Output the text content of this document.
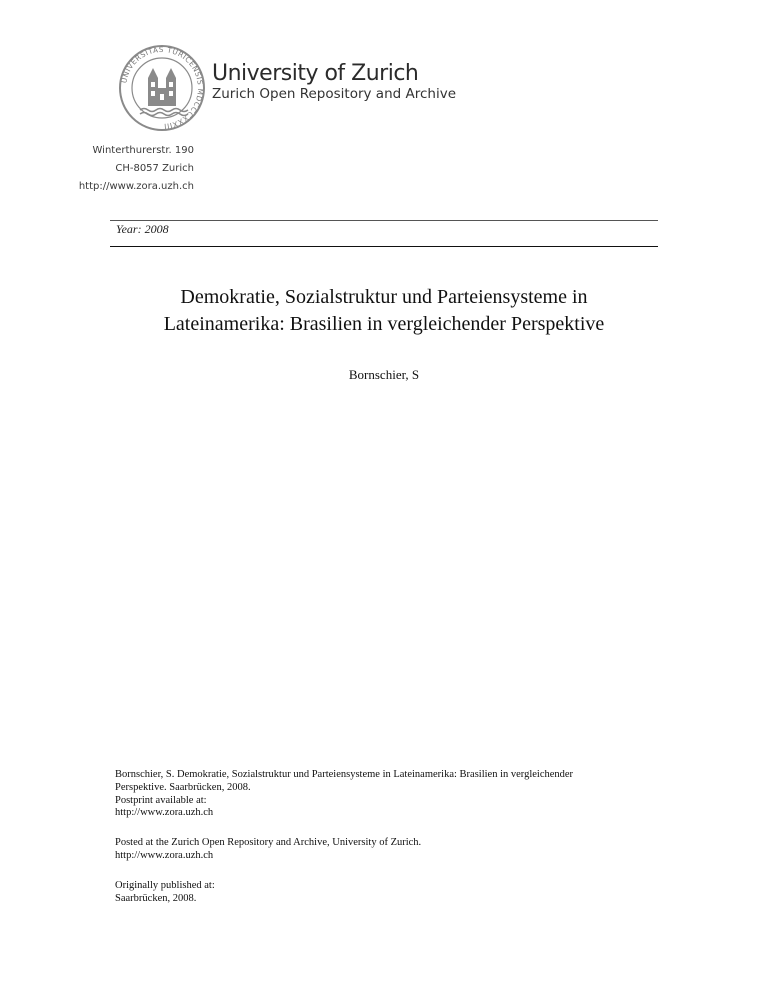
UNIVERSITAS TURICENSIS MDCCCXXXIII
University of Zurich
Zurich Open Repository and Archive
Winterthurerstr. 190
CH-8057 Zurich
http://www.zora.uzh.ch
Year: 2008
Demokratie, Sozialstruktur und Parteiensysteme in
Lateinamerika: Brasilien in vergleichender Perspektive
Bornschier, S
Bornschier, S. Demokratie, Sozialstruktur und Parteiensysteme in Lateinamerika: Brasilien in vergleichender
Perspektive. Saarbrücken, 2008.
Postprint available at:
http://www.zora.uzh.ch
Posted at the Zurich Open Repository and Archive, University of Zurich.
http://www.zora.uzh.ch
Originally published at:
Saarbrücken, 2008.
